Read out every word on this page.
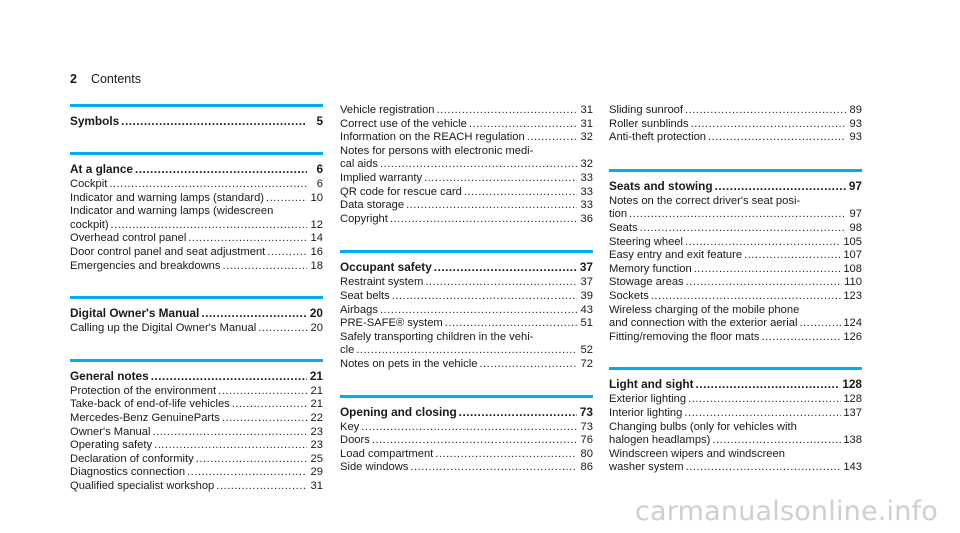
2 Contents
Symbols .....	5
At a glance .....	6
Cockpit .....	6
Indicator and warning lamps (standard) .....	10
Indicator and warning lamps (widescreen
cockpit) .....	12
Overhead control panel .....	14
Door control panel and seat adjustment .....	16
Emergencies and breakdowns .....	18
Digital Owner's Manual .....	20
Calling up the Digital Owner's Manual .....	20
General notes .....	21
Protection of the environment .....	21
Take-back of end-of-life vehicles .....	21
Mercedes-Benz GenuineParts .....	22
Owner's Manual .....	23
Operating safety .....	23
Declaration of conformity .....	25
Diagnostics connection .....	29
Qualified specialist workshop .....	31
Vehicle registration .....	31
Correct use of the vehicle .....	31
Information on the REACH regulation .....	32
Notes for persons with electronic medi-
cal aids .....	32
Implied warranty .....	33
QR code for rescue card .....	33
Data storage .....	33
Copyright .....	36
Occupant safety .....	37
Restraint system .....	37
Seat belts .....	39
Airbags .....	43
PRE-SAFE® system .....	51
Safely transporting children in the vehi-
cle .....	52
Notes on pets in the vehicle .....	72
Opening and closing .....	73
Key .....	73
Doors .....	76
Load compartment .....	80
Side windows .....	86
Sliding sunroof .....	89
Roller sunblinds .....	93
Anti-theft protection .....	93
Seats and stowing .....	97
Notes on the correct driver's seat posi-
tion .....	97
Seats .....	98
Steering wheel .....	105
Easy entry and exit feature .....	107
Memory function .....	108
Stowage areas .....	110
Sockets .....	123
Wireless charging of the mobile phone
and connection with the exterior aerial .....	124
Fitting/removing the floor mats .....	126
Light and sight .....	128
Exterior lighting .....	128
Interior lighting .....	137
Changing bulbs (only for vehicles with
halogen headlamps) .....	138
Windscreen wipers and windscreen
washer system .....	143
carmanualsonline.info
